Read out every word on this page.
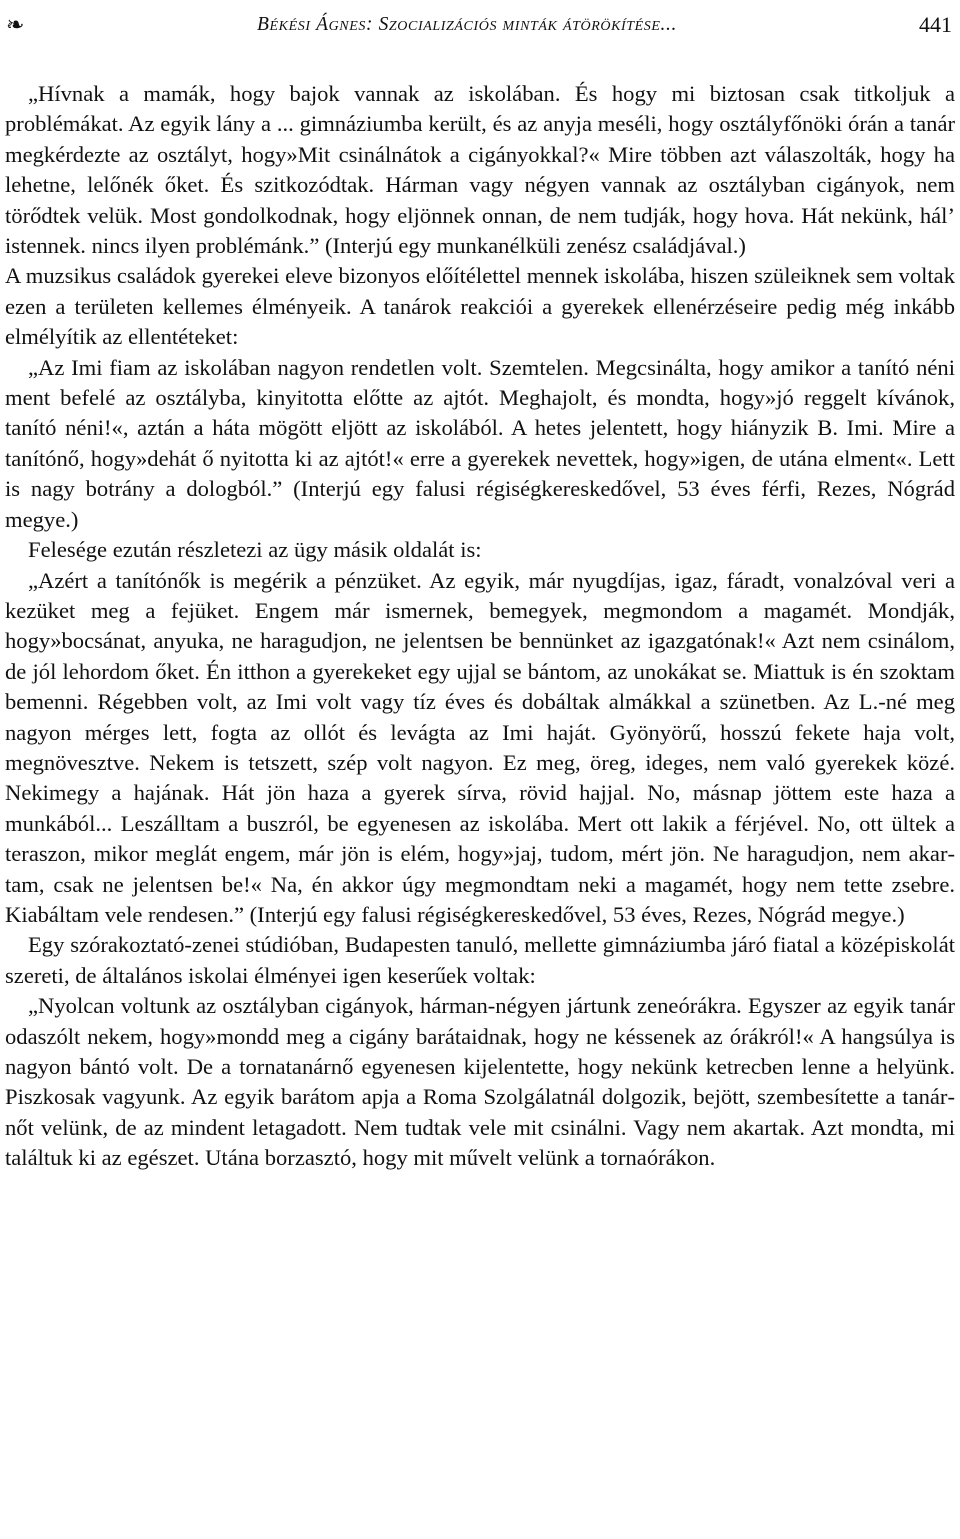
❧	Békési Ágnes: Szocializációs minták átörökítése...	441

„Hívnak a mamák, hogy bajok vannak az iskolában. És hogy mi biztosan csak titkoljuk a problémákat. Az egyik lány a ... gimnáziumba került, és az anyja meséli, hogy osztályfőnöki órán a tanár megkérdezte az osztályt, hogy»Mit csinálnátok a cigányokkal?« Mire többen azt válaszolták, hogy ha lehetne, lelőnék őket. És szitkozódtak. Hárman vagy négyen vannak az osztályban cigányok, nem törődtek velük. Most gondolkodnak, hogy eljönnek onnan, de nem tudják, hogy hova. Hát nekünk, hál’ istennek. nincs ilyen problémánk.” (Interjú egy munkanélküli zenész családjával.)

A muzsikus családok gyerekei eleve bizonyos előítélettel mennek iskolába, hiszen szüleiknek sem voltak ezen a területen kellemes élményeik. A tanárok reakciói a gyerekek ellenérzéseire pedig még inkább elmélyítik az ellentéteket:

„Az Imi fiam az iskolában nagyon rendetlen volt. Szemtelen. Megcsinálta, hogy amikor a tanító néni ment befelé az osztályba, kinyitotta előtte az ajtót. Meghajolt, és mondta, hogy»jó reggelt kívánok, tanító néni!«, aztán a háta mögött eljött az iskolából. A hetes jelentett, hogy hiányzik B. Imi. Mire a tanítónő, hogy»dehát ő nyitotta ki az ajtót!« erre a gyerekek nevettek, hogy»igen, de utána elment«. Lett is nagy botrány a dologból.” (Interjú egy falusi régiségkereskedővel, 53 éves férfi, Rezes, Nógrád megye.)

Felesége ezután részletezi az ügy másik oldalát is:

„Azért a tanítónők is megérik a pénzüket. Az egyik, már nyugdíjas, igaz, fáradt, vonalzóval veri a kezüket meg a fejüket. Engem már ismernek, bemegyek, megmondom a magamét. Mondják, hogy»bocsánat, anyuka, ne haragudjon, ne jelentsen be bennünket az igazgatónak!« Azt nem csinálom, de jól lehordom őket. Én itthon a gyerekeket egy ujjal se bántom, az unokákat se. Miattuk is én szoktam bemenni. Régebben volt, az Imi volt vagy tíz éves és dobáltak almákkal a szünetben. Az L.-né meg nagyon mérges lett, fogta az ollót és levágta az Imi haját. Gyönyörű, hosszú fekete haja volt, megnövesztve. Nekem is tetszett, szép volt nagyon. Ez meg, öreg, ideges, nem való gyerekek közé. Nekimegy a hajának. Hát jön haza a gyerek sírva, rövid hajjal. No, másnap jöttem este haza a munkából... Leszálltam a buszról, be egyenesen az iskolába. Mert ott lakik a férjével. No, ott ültek a teraszon, mikor meglát engem, már jön is elém, hogy»jaj, tudom, mért jön. Ne haragudjon, nem akartam, csak ne jelentsen be!« Na, én akkor úgy megmondtam neki a magamét, hogy nem tette zsebre. Kiabáltam vele rendesen.” (Interjú egy falusi régiségkereskedővel, 53 éves, Rezes, Nógrád megye.)

Egy szórakoztató-zenei stúdióban, Budapesten tanuló, mellette gimnáziumba járó fiatal a középiskolát szereti, de általános iskolai élményei igen keserűek voltak:

„Nyolcan voltunk az osztályban cigányok, hárman-négyen jártunk zeneórákra. Egyszer az egyik tanár odaszólt nekem, hogy»mondd meg a cigány barátaidnak, hogy ne késsenek az órákról!« A hangsúlya is nagyon bántó volt. De a tornatanárnő egyenesen kijelentette, hogy nekünk ketrecben lenne a helyünk. Piszkosak vagyunk. Az egyik barátom apja a Roma Szolgálatnál dolgozik, bejött, szembesítette a tanárnőt velünk, de az mindent letagadott. Nem tudtak vele mit csinálni. Vagy nem akartak. Azt mondta, mi találtuk ki az egészet. Utána borzasztó, hogy mit művelt velünk a tornaórákon.
